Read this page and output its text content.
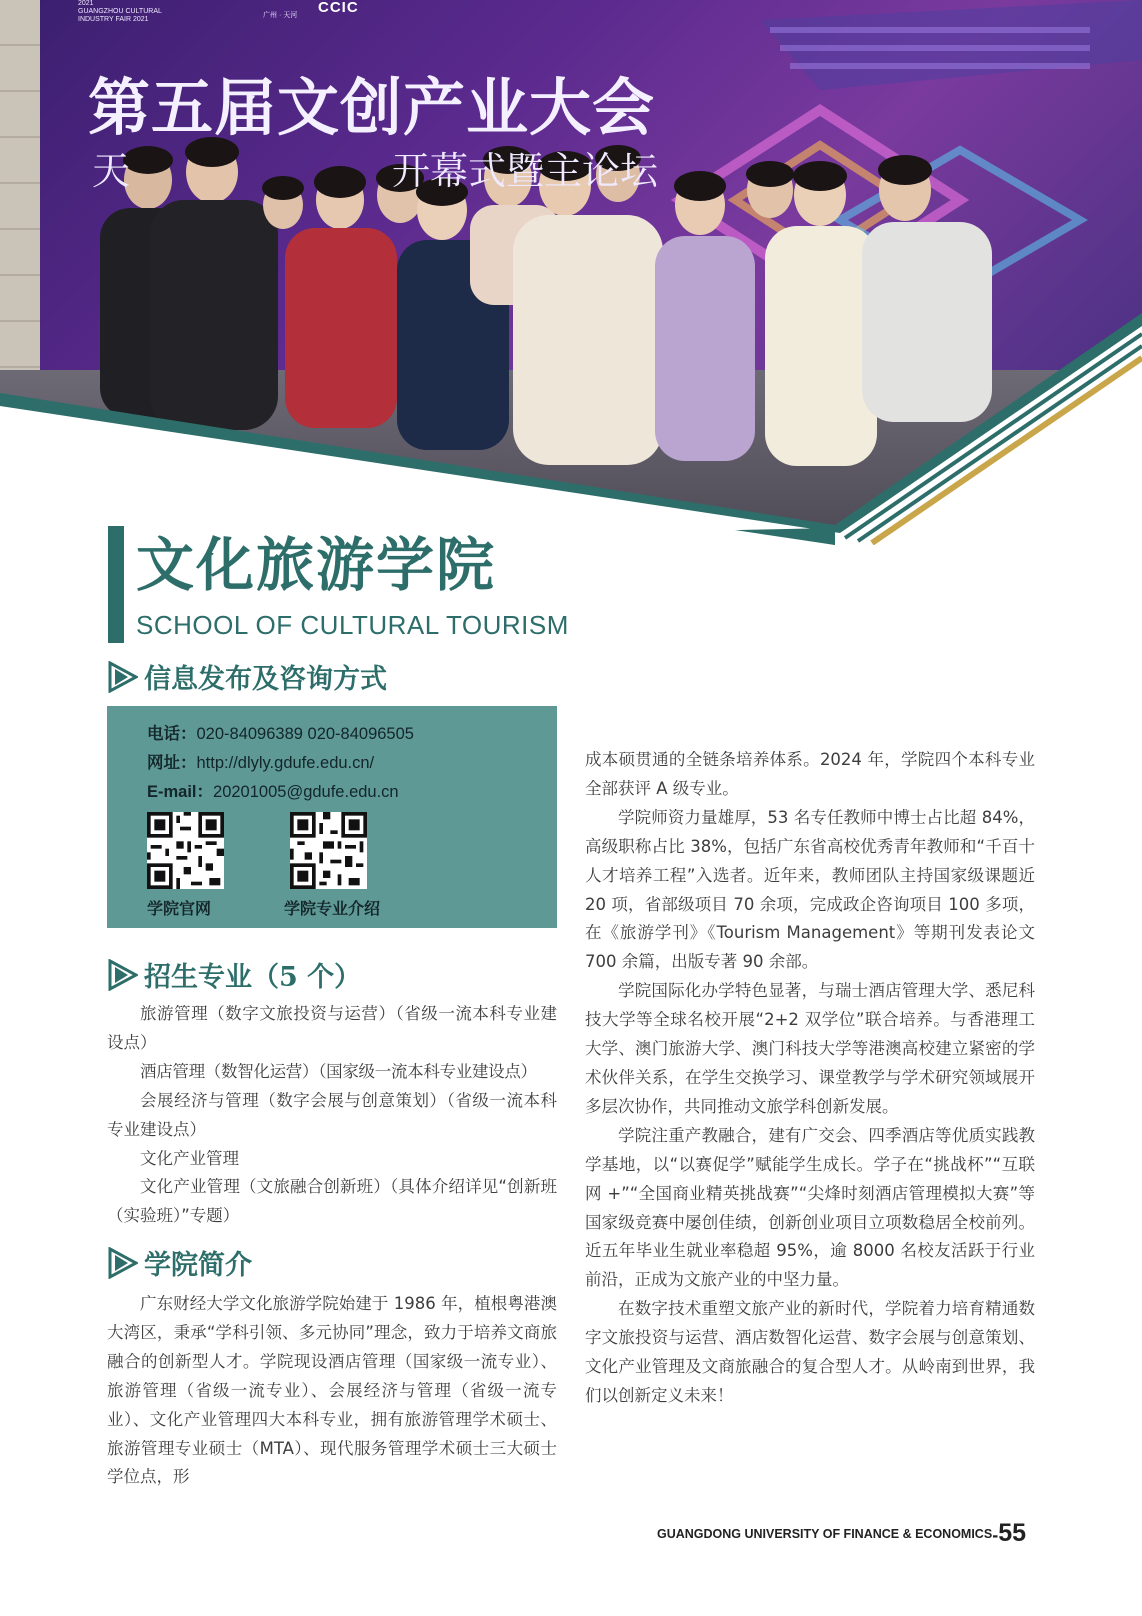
2021
GUANGZHOU CULTURAL
INDUSTRY FAIR 2021
广州 · 天河 CCIC
第五届文创产业大会
天	开幕式暨主论坛
文化旅游学院
SCHOOL OF CULTURAL TOURISM
信息发布及咨询方式
电话：020-84096389 020-84096505
网址：http://dlyly.gdufe.edu.cn/
E-mail：20201005@gdufe.edu.cn
学院官网	学院专业介绍
招生专业（5 个）

旅游管理（数字文旅投资与运营）（省级一流本科专业建设点）

酒店管理（数智化运营）（国家级一流本科专业建设点）

会展经济与管理（数字会展与创意策划）（省级一流本科专业建设点）

文化产业管理

文化产业管理（文旅融合创新班）（具体介绍详见“创新班（实验班）”专题）

学院简介

广东财经大学文化旅游学院始建于 1986 年，植根粤港澳大湾区，秉承“学科引领、多元协同”理念，致力于培养文商旅融合的创新型人才。学院现设酒店管理（国家级一流专业）、旅游管理（省级一流专业）、会展经济与管理（省级一流专业）、文化产业管理四大本科专业，拥有旅游管理学术硕士、旅游管理专业硕士（MTA）、现代服务管理学术硕士三大硕士学位点，形

成本硕贯通的全链条培养体系。2024 年，学院四个本科专业全部获评 A 级专业。

学院师资力量雄厚，53 名专任教师中博士占比超 84%，高级职称占比 38%，包括广东省高校优秀青年教师和“千百十人才培养工程”入选者。近年来，教师团队主持国家级课题近 20 项，省部级项目 70 余项，完成政企咨询项目 100 多项，在《旅游学刊》《Tourism Management》等期刊发表论文 700 余篇，出版专著 90 余部。

学院国际化办学特色显著，与瑞士酒店管理大学、悉尼科技大学等全球名校开展“2+2 双学位”联合培养。与香港理工大学、澳门旅游大学、澳门科技大学等港澳高校建立紧密的学术伙伴关系，在学生交换学习、课堂教学与学术研究领域展开多层次协作，共同推动文旅学科创新发展。

学院注重产教融合，建有广交会、四季酒店等优质实践教学基地，以“以赛促学”赋能学生成长。学子在“挑战杯”“互联网 +”“全国商业精英挑战赛”“尖烽时刻酒店管理模拟大赛”等国家级竞赛中屡创佳绩，创新创业项目立项数稳居全校前列。近五年毕业生就业率稳超 95%，逾 8000 名校友活跃于行业前沿，正成为文旅产业的中坚力量。

在数字技术重塑文旅产业的新时代，学院着力培育精通数字文旅投资与运营、酒店数智化运营、数字会展与创意策划、文化产业管理及文商旅融合的复合型人才。从岭南到世界，我们以创新定义未来！

GUANGDONG UNIVERSITY OF FINANCE & ECONOMICS-55
